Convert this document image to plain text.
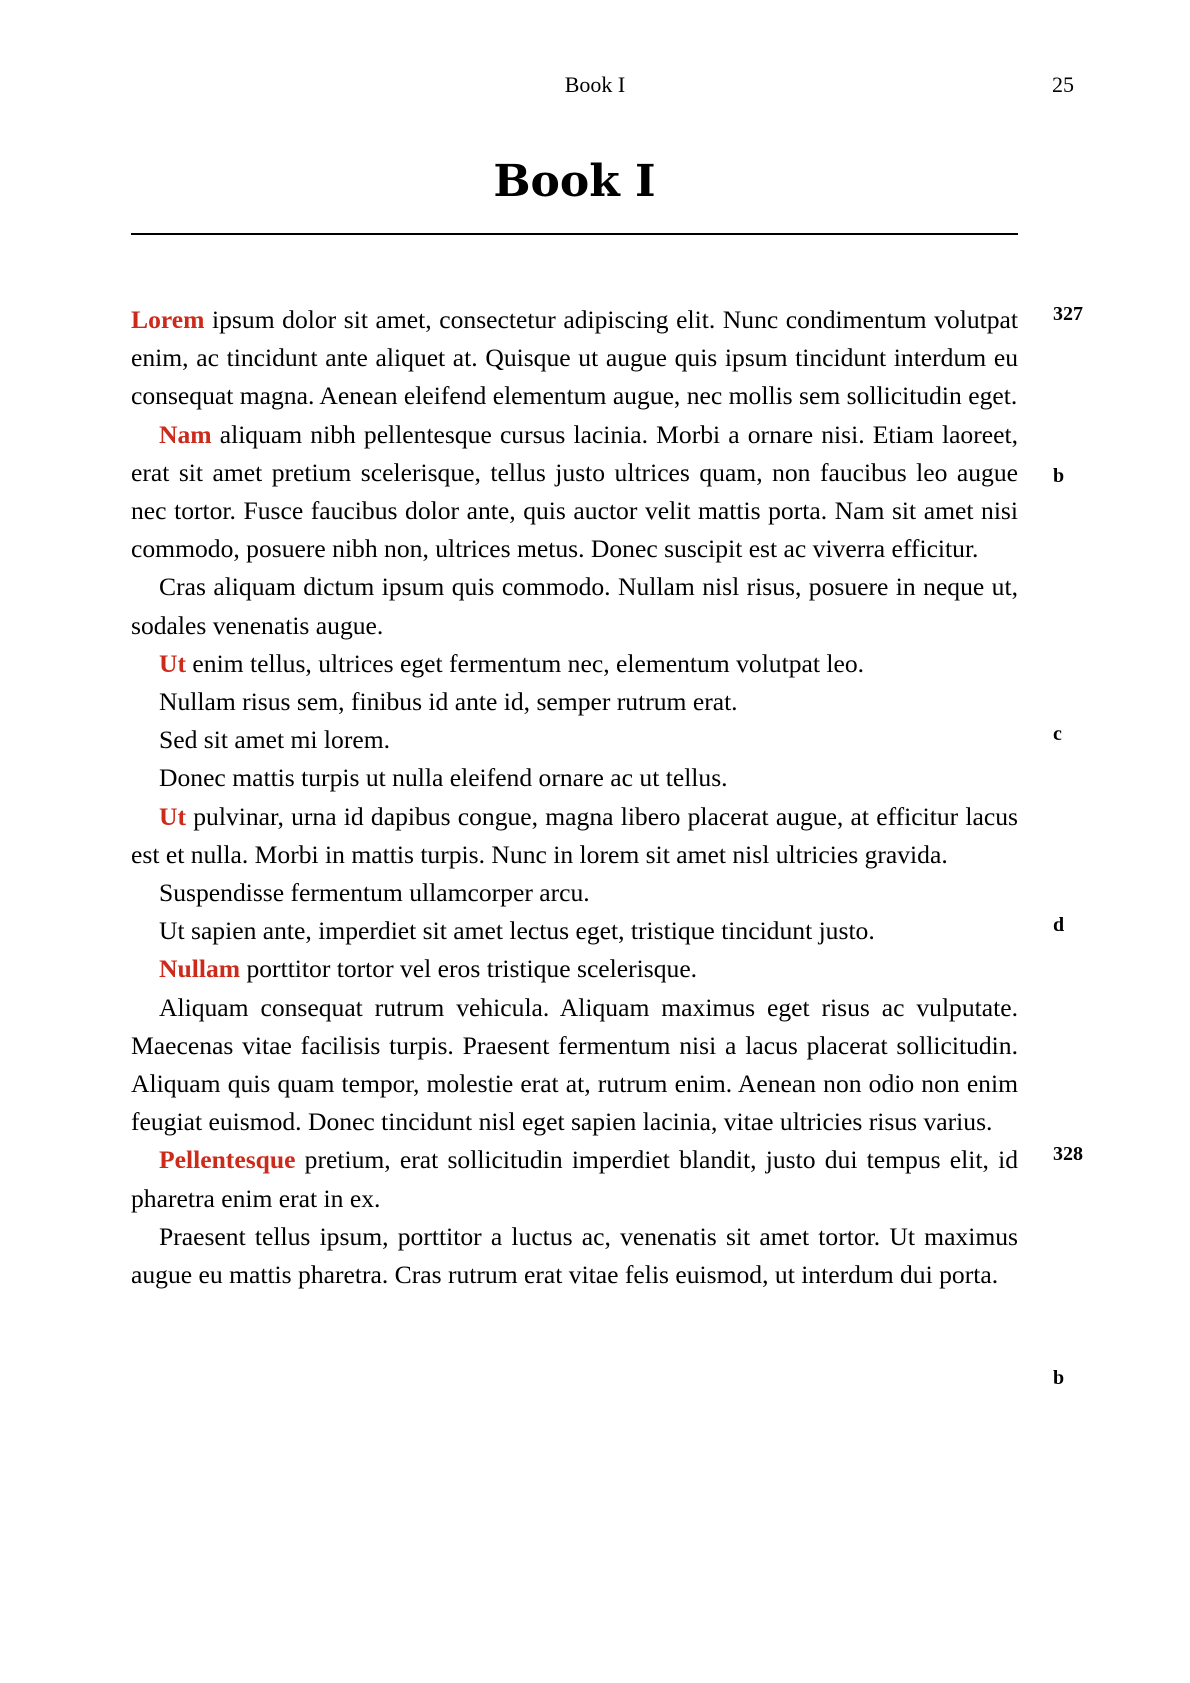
Book I	25
Book I

Lorem ipsum dolor sit amet, consectetur adipiscing elit. Nunc condimentum volutpat enim, ac tincidunt ante aliquet at. Quisque ut augue quis ipsum tincidunt interdum eu consequat magna. Aenean eleifend elementum augue, nec mollis sem sollicitudin eget.

Nam aliquam nibh pellentesque cursus lacinia. Morbi a ornare nisi. Etiam laoreet, erat sit amet pretium scelerisque, tellus justo ultrices quam, non faucibus leo augue nec tortor. Fusce faucibus dolor ante, quis auctor velit mattis porta. Nam sit amet nisi commodo, posuere nibh non, ultrices metus. Donec suscipit est ac viverra efficitur.

Cras aliquam dictum ipsum quis commodo. Nullam nisl risus, posuere in neque ut, sodales venenatis augue.

Ut enim tellus, ultrices eget fermentum nec, elementum volutpat leo.

Nullam risus sem, finibus id ante id, semper rutrum erat.

Sed sit amet mi lorem.

Donec mattis turpis ut nulla eleifend ornare ac ut tellus.

Ut pulvinar, urna id dapibus congue, magna libero placerat augue, at efficitur lacus est et nulla. Morbi in mattis turpis. Nunc in lorem sit amet nisl ultricies gravida.

Suspendisse fermentum ullamcorper arcu.

Ut sapien ante, imperdiet sit amet lectus eget, tristique tincidunt justo.

Nullam porttitor tortor vel eros tristique scelerisque.

Aliquam consequat rutrum vehicula. Aliquam maximus eget risus ac vulputate. Maecenas vitae facilisis turpis. Praesent fermentum nisi a lacus placerat sollicitudin. Aliquam quis quam tempor, molestie erat at, rutrum enim. Aenean non odio non enim feugiat euismod. Donec tincidunt nisl eget sapien lacinia, vitae ultricies risus varius.

Pellentesque pretium, erat sollicitudin imperdiet blandit, justo dui tempus elit, id pharetra enim erat in ex.

Praesent tellus ipsum, porttitor a luctus ac, venenatis sit amet tortor. Ut maximus augue eu mattis pharetra. Cras rutrum erat vitae felis euismod, ut interdum dui porta.

327
b
c
d
328
b
